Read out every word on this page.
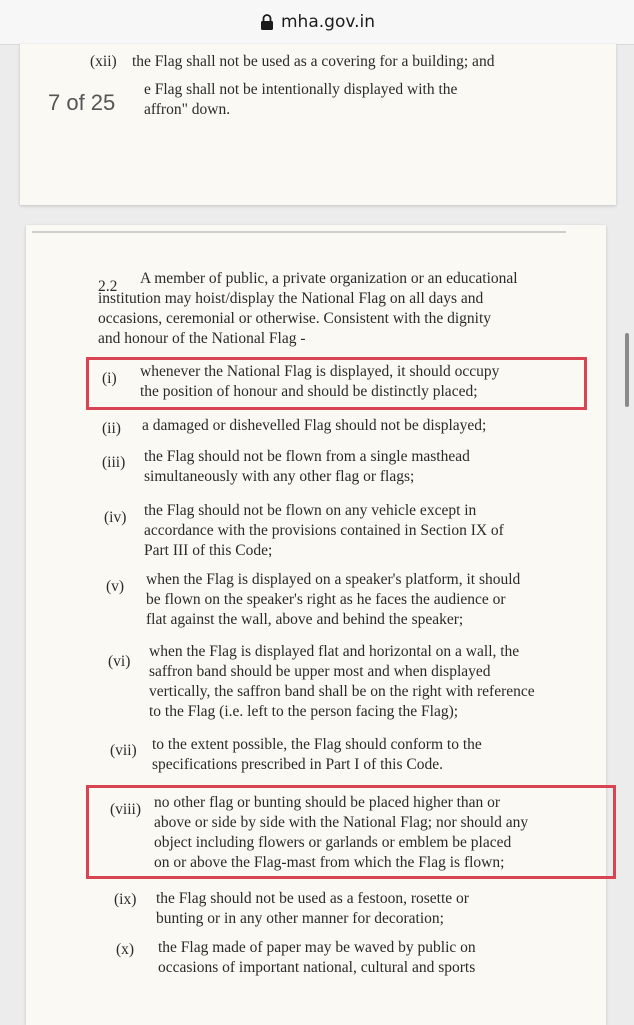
mha.gov.in
(xii) the Flag shall not be used as a covering for a building; and
e Flag shall not be intentionally displayed with the
affron" down.
7 of 25
2.2 A member of public, a private organization or an educational
institution may hoist/display the National Flag on all days and
occasions, ceremonial or otherwise. Consistent with the dignity
and honour of the National Flag -
(i) whenever the National Flag is displayed, it should occupy
the position of honour and should be distinctly placed;
(ii) a damaged or dishevelled Flag should not be displayed;
(iii) the Flag should not be flown from a single masthead
simultaneously with any other flag or flags;
(iv) the Flag should not be flown on any vehicle except in
accordance with the provisions contained in Section IX of
Part III of this Code;
(v) when the Flag is displayed on a speaker's platform, it should
be flown on the speaker's right as he faces the audience or
flat against the wall, above and behind the speaker;
(vi)
when the Flag is displayed flat and horizontal on a wall, the
saffron band should be upper most and when displayed
vertically, the saffron band shall be on the right with reference
to the Flag (i.e. left to the person facing the Flag);
(vii) to the extent possible, the Flag should conform to the
specifications prescribed in Part I of this Code.
(viii) no other flag or bunting should be placed higher than or
above or side by side with the National Flag; nor should any
object including flowers or garlands or emblem be placed
on or above the Flag-mast from which the Flag is flown;
(ix) the Flag should not be used as a festoon, rosette or
bunting or in any other manner for decoration;
(x) the Flag made of paper may be waved by public on
occasions of important national, cultural and sports
